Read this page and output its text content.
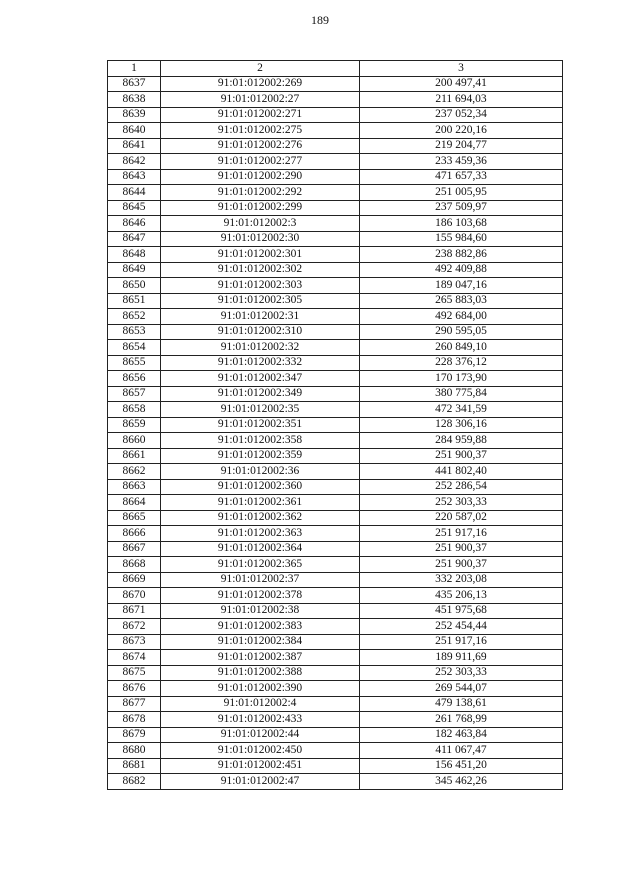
189
1	2	3
8637	91:01:012002:269	200 497,41
8638	91:01:012002:27	211 694,03
8639	91:01:012002:271	237 052,34
8640	91:01:012002:275	200 220,16
8641	91:01:012002:276	219 204,77
8642	91:01:012002:277	233 459,36
8643	91:01:012002:290	471 657,33
8644	91:01:012002:292	251 005,95
8645	91:01:012002:299	237 509,97
8646	91:01:012002:3	186 103,68
8647	91:01:012002:30	155 984,60
8648	91:01:012002:301	238 882,86
8649	91:01:012002:302	492 409,88
8650	91:01:012002:303	189 047,16
8651	91:01:012002:305	265 883,03
8652	91:01:012002:31	492 684,00
8653	91:01:012002:310	290 595,05
8654	91:01:012002:32	260 849,10
8655	91:01:012002:332	228 376,12
8656	91:01:012002:347	170 173,90
8657	91:01:012002:349	380 775,84
8658	91:01:012002:35	472 341,59
8659	91:01:012002:351	128 306,16
8660	91:01:012002:358	284 959,88
8661	91:01:012002:359	251 900,37
8662	91:01:012002:36	441 802,40
8663	91:01:012002:360	252 286,54
8664	91:01:012002:361	252 303,33
8665	91:01:012002:362	220 587,02
8666	91:01:012002:363	251 917,16
8667	91:01:012002:364	251 900,37
8668	91:01:012002:365	251 900,37
8669	91:01:012002:37	332 203,08
8670	91:01:012002:378	435 206,13
8671	91:01:012002:38	451 975,68
8672	91:01:012002:383	252 454,44
8673	91:01:012002:384	251 917,16
8674	91:01:012002:387	189 911,69
8675	91:01:012002:388	252 303,33
8676	91:01:012002:390	269 544,07
8677	91:01:012002:4	479 138,61
8678	91:01:012002:433	261 768,99
8679	91:01:012002:44	182 463,84
8680	91:01:012002:450	411 067,47
8681	91:01:012002:451	156 451,20
8682	91:01:012002:47	345 462,26
